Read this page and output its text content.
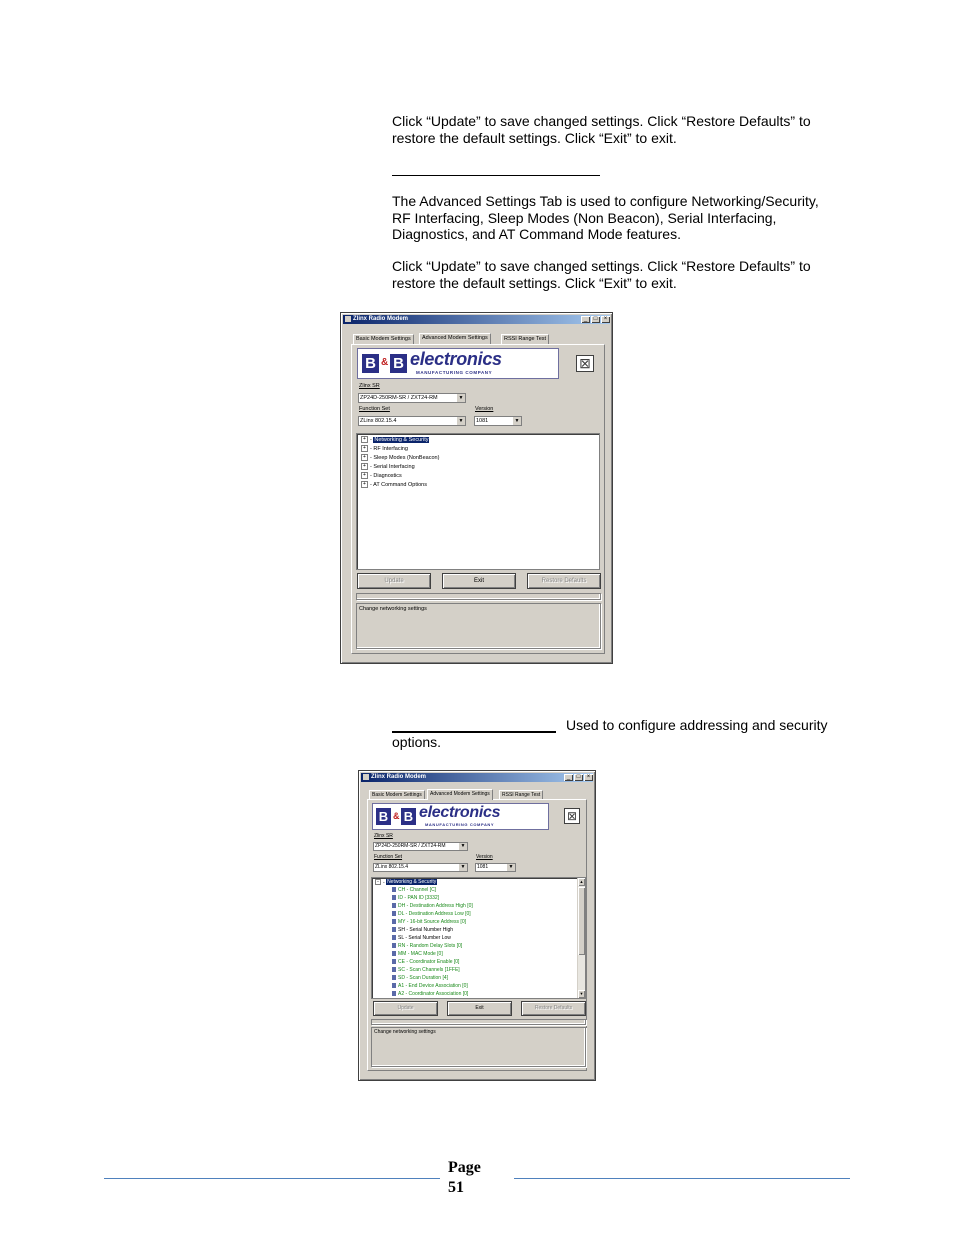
Click “Update” to save changed settings. Click “Restore Defaults” to restore the default settings. Click “Exit” to exit.
The Advanced Settings Tab is used to configure Networking/Security, RF Interfacing, Sleep Modes (Non Beacon), Serial Interfacing, Diagnostics, and AT Command Mode features.
Click “Update” to save changed settings. Click “Restore Defaults” to restore the default settings. Click “Exit” to exit.
Zlinx Radio Modem	_	□	×
Basic Modem Settings	Advanced Modem Settings	RSSI Range Test
B & B electronics
MANUFACTURING COMPANY
⊠
Zlinx SR
ZP24D-250RM-SR / ZXT24-RM	▼
Function Set
ZLinx 802.15.4	▼
Version
1081	▼
+ - Networking & Security
+ - RF Interfacing
+ - Sleep Modes (NonBeacon)
+ - Serial Interfacing
+ - Diagnostics
+ - AT Command Options
Update	Exit	Restore Defaults
Change networking settings
Used to configure addressing and security options.
Zlinx Radio Modem	_	□	×
Basic Modem Settings	Advanced Modem Settings	RSSI Range Test
B & B electronics
MANUFACTURING COMPANY
⊠
Zlinx SR
ZP24D-250RM-SR / ZXT24-RM	▼
Function Set
ZLinx 802.15.4	▼
Version
1081	▼
− - Networking & Security
CH - Channel [C]
ID - PAN ID [3332]
DH - Destination Address High [0]
DL - Destination Address Low [0]
MY - 16-bit Source Address [0]
SH - Serial Number High
SL - Serial Number Low
RN - Random Delay Slots [0]
MM - MAC Mode [0]
CE - Coordinator Enable [0]
SC - Scan Channels [1FFE]
SD - Scan Duration [4]
A1 - End Device Association [0]
A2 - Coordinator Association [0]
▲
▼
Update	Exit	Restore Defaults
Change networking settings
Page
51
